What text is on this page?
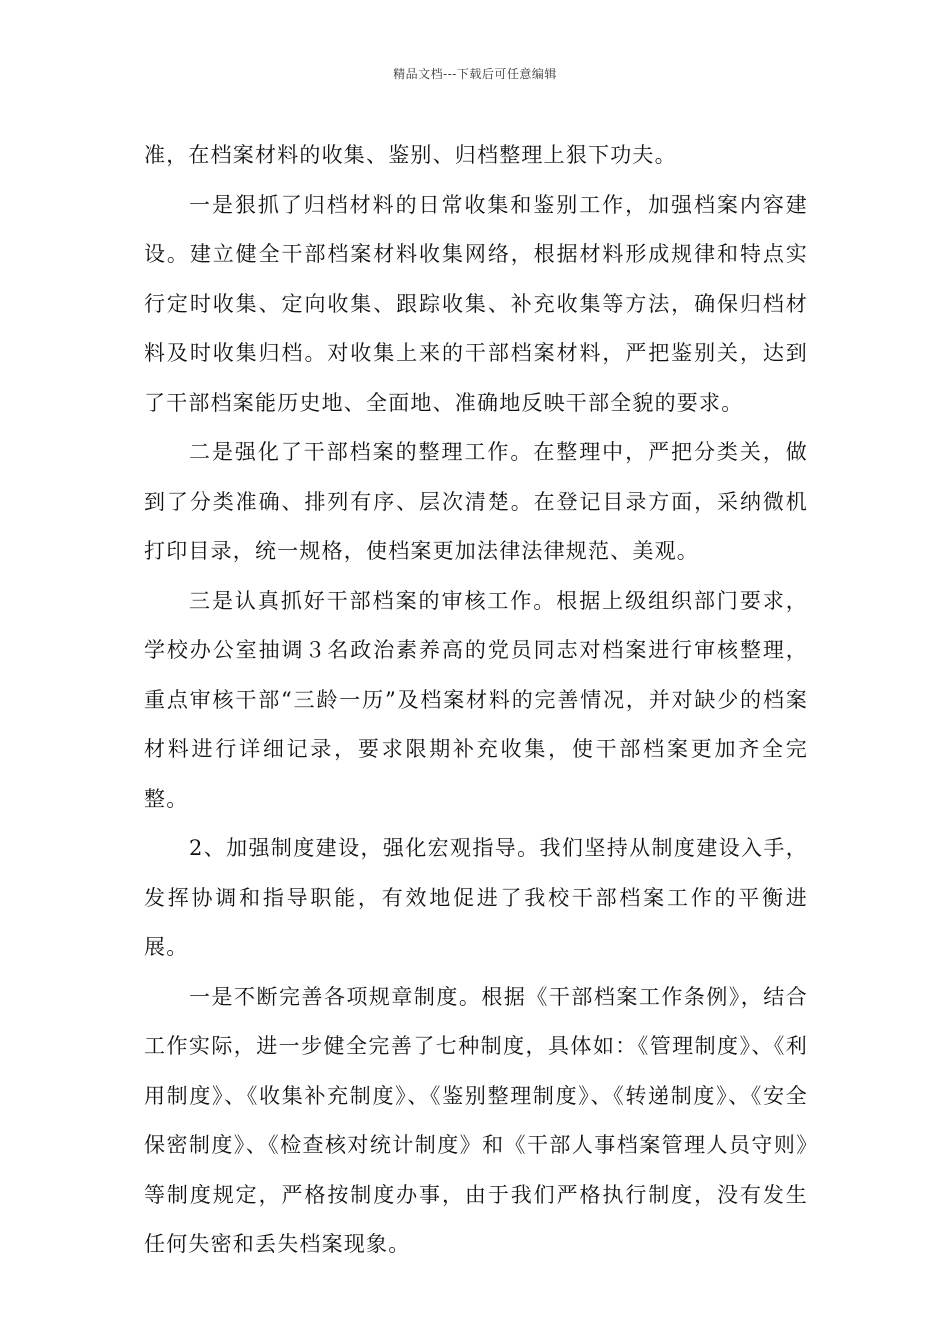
精品文档---下载后可任意编辑

准，在档案材料的收集、鉴别、归档整理上狠下功夫。

一是狠抓了归档材料的日常收集和鉴别工作，加强档案内容建设。建立健全干部档案材料收集网络，根据材料形成规律和特点实行定时收集、定向收集、跟踪收集、补充收集等方法，确保归档材料及时收集归档。对收集上来的干部档案材料，严把鉴别关，达到了干部档案能历史地、全面地、准确地反映干部全貌的要求。

二是强化了干部档案的整理工作。在整理中，严把分类关，做到了分类准确、排列有序、层次清楚。在登记目录方面，采纳微机打印目录，统一规格，使档案更加法律法律规范、美观。

三是认真抓好干部档案的审核工作。根据上级组织部门要求，学校办公室抽调３名政治素养高的党员同志对档案进行审核整理，重点审核干部“三龄一历”及档案材料的完善情况，并对缺少的档案材料进行详细记录，要求限期补充收集，使干部档案更加齐全完整。

2、加强制度建设，强化宏观指导。我们坚持从制度建设入手，发挥协调和指导职能，有效地促进了我校干部档案工作的平衡进展。

一是不断完善各项规章制度。根据《干部档案工作条例》，结合工作实际，进一步健全完善了七种制度，具体如：《管理制度》、《利用制度》、《收集补充制度》、《鉴别整理制度》、《转递制度》、《安全保密制度》、《检查核对统计制度》和《干部人事档案管理人员守则》等制度规定，严格按制度办事，由于我们严格执行制度，没有发生任何失密和丢失档案现象。
